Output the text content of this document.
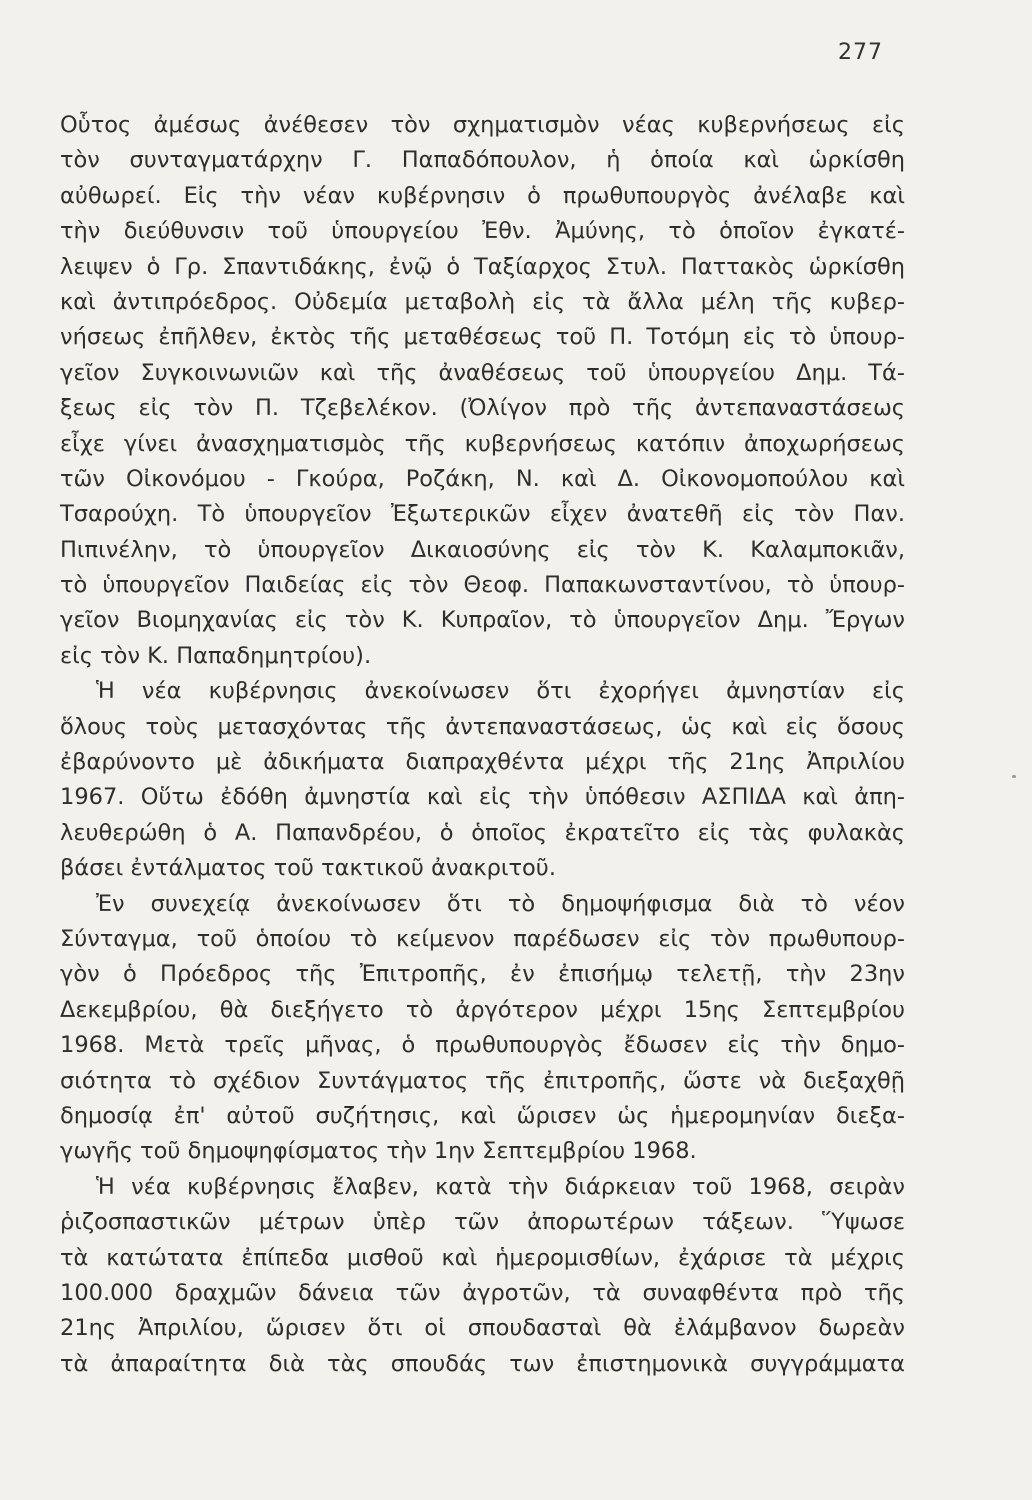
277
Οὗτος ἀμέσως ἀνέθεσεν τὸν σχηματισμὸν νέας κυβερνήσεως εἰς
τὸν συνταγματάρχην Γ. Παπαδόπουλον, ἡ ὁποία καὶ ὡρκίσθη
αὐθωρεί. Εἰς τὴν νέαν κυβέρνησιν ὁ πρωθυπουργὸς ἀνέλαβε καὶ
τὴν διεύθυνσιν τοῦ ὑπουργείου Ἐθν. Ἀμύνης, τὸ ὁποῖον ἐγκατέ-
λειψεν ὁ Γρ. Σπαντιδάκης, ἐνῷ ὁ Ταξίαρχος Στυλ. Παττακὸς ὡρκίσθη
καὶ ἀντιπρόεδρος. Οὐδεμία μεταβολὴ εἰς τὰ ἄλλα μέλη τῆς κυβερ-
νήσεως ἐπῆλθεν, ἐκτὸς τῆς μεταθέσεως τοῦ Π. Τοτόμη εἰς τὸ ὑπουρ-
γεῖον Συγκοινωνιῶν καὶ τῆς ἀναθέσεως τοῦ ὑπουργείου Δημ. Τά-
ξεως εἰς τὸν Π. Τζεβελέκον. (Ὀλίγον πρὸ τῆς ἀντεπαναστάσεως
εἶχε γίνει ἀνασχηματισμὸς τῆς κυβερνήσεως κατόπιν ἀποχωρήσεως
τῶν Οἰκονόμου - Γκούρα, Ροζάκη, Ν. καὶ Δ. Οἰκονομοπούλου καὶ
Τσαρούχη. Τὸ ὑπουργεῖον Ἐξωτερικῶν εἶχεν ἀνατεθῆ εἰς τὸν Παν.
Πιπινέλην, τὸ ὑπουργεῖον Δικαιοσύνης εἰς τὸν Κ. Καλαμποκιᾶν,
τὸ ὑπουργεῖον Παιδείας εἰς τὸν Θεοφ. Παπακωνσταντίνου, τὸ ὑπουρ-
γεῖον Βιομηχανίας εἰς τὸν Κ. Κυπραῖον, τὸ ὑπουργεῖον Δημ. Ἔργων
εἰς τὸν Κ. Παπαδημητρίου).
Ἡ νέα κυβέρνησις ἀνεκοίνωσεν ὅτι ἐχορήγει ἀμνηστίαν εἰς
ὅλους τοὺς μετασχόντας τῆς ἀντεπαναστάσεως, ὡς καὶ εἰς ὅσους
ἐβαρύνοντο μὲ ἀδικήματα διαπραχθέντα μέχρι τῆς 21ης Ἀπριλίου
1967. Οὕτω ἐδόθη ἀμνηστία καὶ εἰς τὴν ὑπόθεσιν ΑΣΠΙΔΑ καὶ ἀπη-
λευθερώθη ὁ Α. Παπανδρέου, ὁ ὁποῖος ἐκρατεῖτο εἰς τὰς φυλακὰς
βάσει ἐντάλματος τοῦ τακτικοῦ ἀνακριτοῦ.
Ἐν συνεχείᾳ ἀνεκοίνωσεν ὅτι τὸ δημοψήφισμα διὰ τὸ νέον
Σύνταγμα, τοῦ ὁποίου τὸ κείμενον παρέδωσεν εἰς τὸν πρωθυπουρ-
γὸν ὁ Πρόεδρος τῆς Ἐπιτροπῆς, ἐν ἐπισήμῳ τελετῇ, τὴν 23ην
Δεκεμβρίου, θὰ διεξήγετο τὸ ἀργότερον μέχρι 15ης Σεπτεμβρίου
1968. Μετὰ τρεῖς μῆνας, ὁ πρωθυπουργὸς ἔδωσεν εἰς τὴν δημο-
σιότητα τὸ σχέδιον Συντάγματος τῆς ἐπιτροπῆς, ὥστε νὰ διεξαχθῇ
δημοσίᾳ ἐπ' αὐτοῦ συζήτησις, καὶ ὥρισεν ὡς ἡμερομηνίαν διεξα-
γωγῆς τοῦ δημοψηφίσματος τὴν 1ην Σεπτεμβρίου 1968.
Ἡ νέα κυβέρνησις ἔλαβεν, κατὰ τὴν διάρκειαν τοῦ 1968, σειρὰν
ῥιζοσπαστικῶν μέτρων ὑπὲρ τῶν ἀπορωτέρων τάξεων. Ὕψωσε
τὰ κατώτατα ἐπίπεδα μισθοῦ καὶ ἡμερομισθίων, ἐχάρισε τὰ μέχρις
100.000 δραχμῶν δάνεια τῶν ἀγροτῶν, τὰ συναφθέντα πρὸ τῆς
21ης Ἀπριλίου, ὥρισεν ὅτι οἱ σπουδασταὶ θὰ ἐλάμβανον δωρεὰν
τὰ ἀπαραίτητα διὰ τὰς σπουδάς των ἐπιστημονικὰ συγγράμματα
